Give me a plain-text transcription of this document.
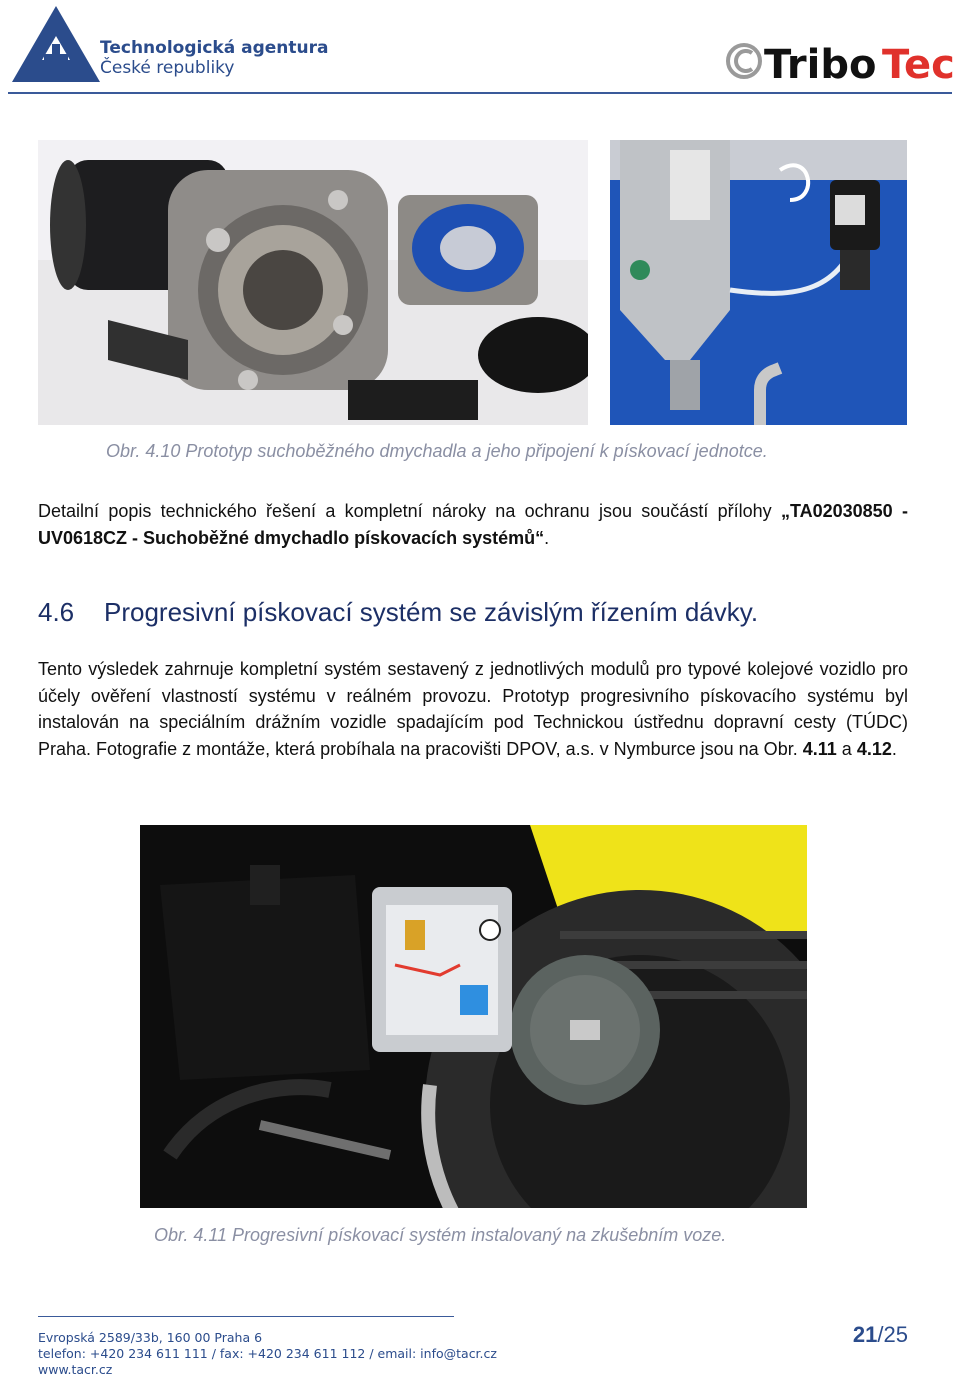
Technologická agentura
České republiky	Tribo Tec
Obr. 4.10 Prototyp suchoběžného dmychadla a jeho připojení k pískovací jednotce.
Detailní popis technického řešení a kompletní nároky na ochranu jsou součástí přílohy „TA02030850 - UV0618CZ - Suchoběžné dmychadlo pískovacích systémů“.
4.6 Progresivní pískovací systém se závislým řízením dávky.
Tento výsledek zahrnuje kompletní systém sestavený z jednotlivých modulů pro typové kolejové vozidlo pro účely ověření vlastností systému v reálném provozu. Prototyp progresivního pískovacího systému byl instalován na speciálním drážním vozidle spadajícím pod Technickou ústřednu dopravní cesty (TÚDC) Praha. Fotografie z montáže, která probíhala na pracovišti DPOV, a.s. v Nymburce jsou na Obr. 4.11 a 4.12.
Obr. 4.11 Progresivní pískovací systém instalovaný na zkušebním voze.
Evropská 2589/33b, 160 00 Praha 6
telefon: +420 234 611 111 / fax: +420 234 611 112 / email: info@tacr.cz
www.tacr.cz
21/25
